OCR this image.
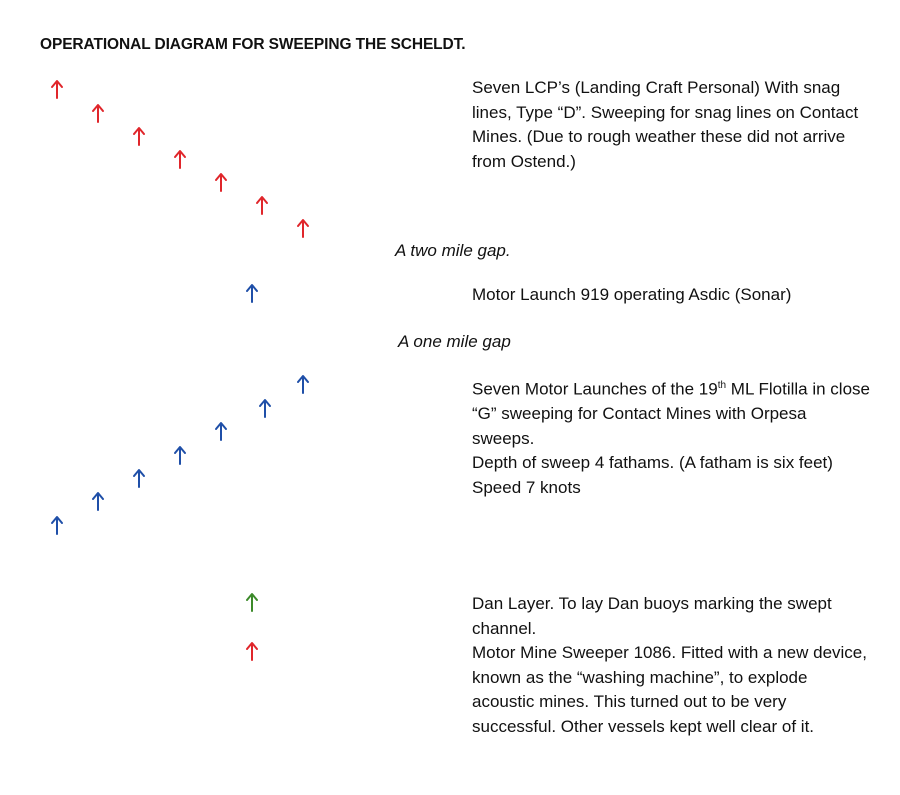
OPERATIONAL DIAGRAM FOR SWEEPING THE SCHELDT.

Seven LCP’s (Landing Craft Personal) With snag lines, Type “D”. Sweeping for snag lines on Contact Mines. (Due to rough weather these did not arrive from Ostend.)

A two mile gap.

Motor Launch 919 operating Asdic (Sonar)

A one mile gap

Seven Motor Launches of the 19th ML Flotilla in close “G” sweeping for Contact Mines with Orpesa sweeps.

Depth of sweep 4 fathams. (A fatham is six feet)

Speed 7 knots

Dan Layer. To lay Dan buoys marking the swept channel.

Motor Mine Sweeper 1086. Fitted with a new device, known as the “washing machine”, to explode acoustic mines. This turned out to be very successful. Other vessels kept well clear of it.
